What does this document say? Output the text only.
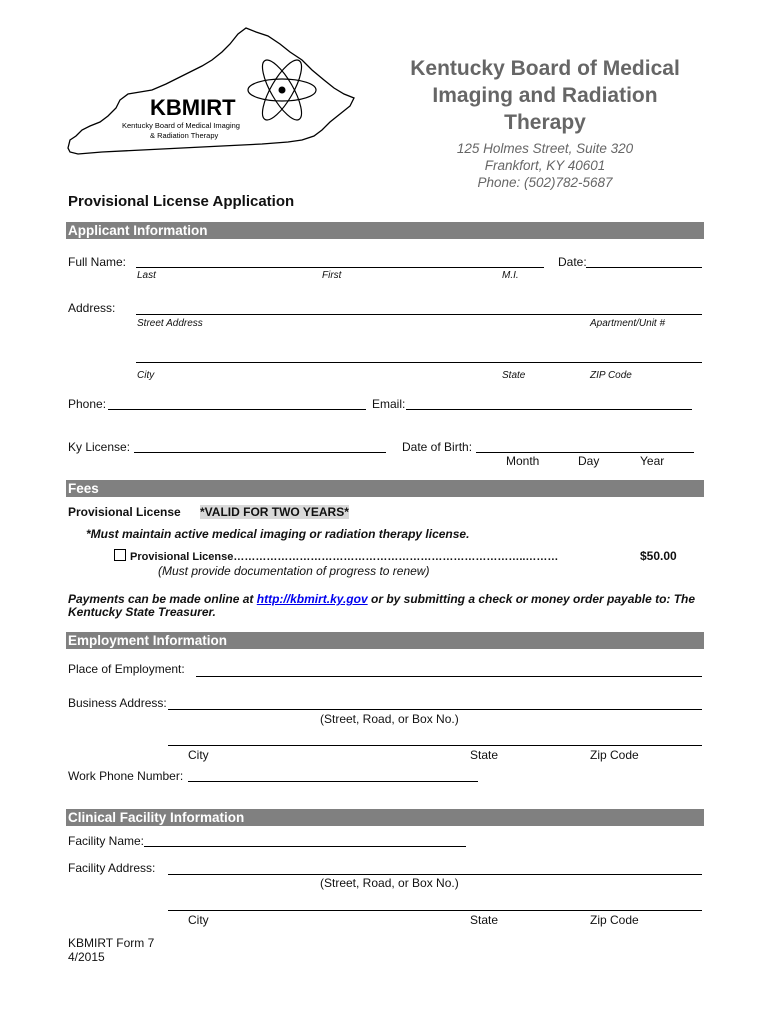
KBMIRT
Kentucky Board of Medical Imaging
& Radiation Therapy
Kentucky Board of Medical
Imaging and Radiation
Therapy
125 Holmes Street, Suite 320
Frankfort, KY 40601
Phone: (502)782-5687
Provisional License Application
Applicant Information
Full Name:	Date:
Last	First	M.I.
Address:
Street Address	Apartment/Unit #
City	State	ZIP Code
Phone:	Email:
Ky License:	Date of Birth:
Month	Day	Year
Fees
Provisional License *VALID FOR TWO YEARS*
*Must maintain active medical imaging or radiation therapy license.
Provisional License……………………………………………………………………..………	$50.00
(Must provide documentation of progress to renew)
Payments can be made online at http://kbmirt.ky.gov or by submitting a check or money order payable to: The
Kentucky State Treasurer.
Employment Information
Place of Employment:
Business Address:
(Street, Road, or Box No.)
City	State	Zip Code
Work Phone Number:
Clinical Facility Information
Facility Name:
Facility Address:
(Street, Road, or Box No.)
City	State	Zip Code
KBMIRT Form 7
4/2015
